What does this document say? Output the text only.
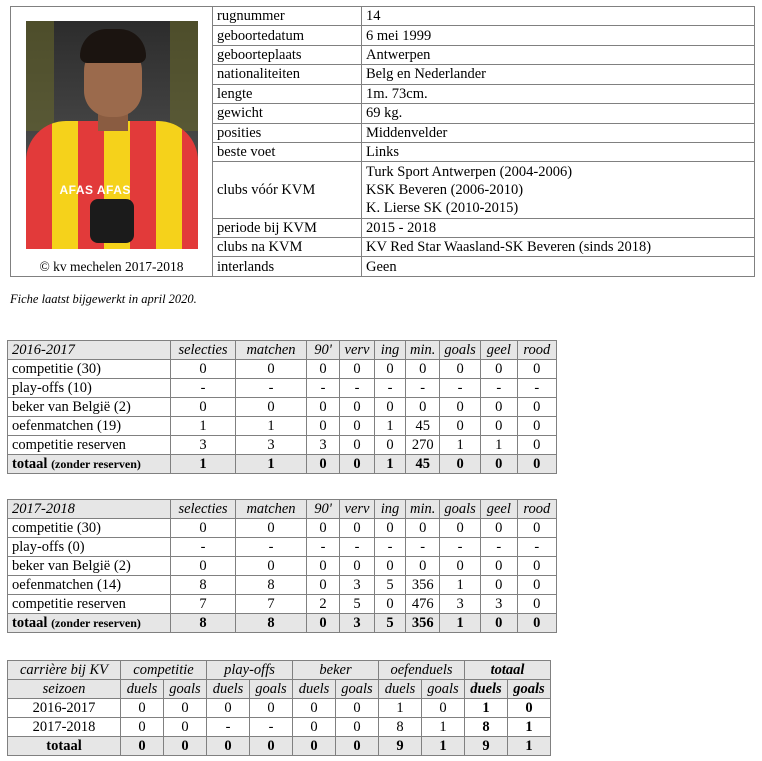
AFAS AFAS
© kv mechelen 2017-2018	rugnummer	14

	geboortedatum	6 mei 1999

	geboorteplaats	Antwerpen

	nationaliteiten	Belg en Nederlander

	lengte	1m. 73cm.

	gewicht	69 kg.

	posities	Middenvelder

	beste voet	Links

	clubs vóór KVM	Turk Sport Antwerpen (2004-2006)
KSK Beveren (2006-2010)
K. Lierse SK (2010-2015)

	periode bij KVM	2015 - 2018

	clubs na KVM	KV Red Star Waasland-SK Beveren (sinds 2018)

	interlands	Geen
Fiche laatst bijgewerkt in april 2020.
2016-2017	selecties	matchen	90'	verv	ing	min.	goals	geel	rood
competitie (30)	0	0	0	0	0	0	0	0	0
play-offs (10)	-	-	-	-	-	-	-	-	-
beker van België (2)	0	0	0	0	0	0	0	0	0
oefenmatchen (19)	1	1	0	0	1	45	0	0	0
competitie reserven	3	3	3	0	0	270	1	1	0
totaal (zonder reserven)	1	1	0	0	1	45	0	0	0
2017-2018	selecties	matchen	90'	verv	ing	min.	goals	geel	rood
competitie (30)	0	0	0	0	0	0	0	0	0
play-offs (0)	-	-	-	-	-	-	-	-	-
beker van België (2)	0	0	0	0	0	0	0	0	0
oefenmatchen (14)	8	8	0	3	5	356	1	0	0
competitie reserven	7	7	2	5	0	476	3	3	0
totaal (zonder reserven)	8	8	0	3	5	356	1	0	0
carrière bij KV	competitie		play-offs		beker		oefenduels		totaal	
seizoen	duels	goals	duels	goals	duels	goals	duels	goals	duels	goals
2016-2017	0	0	0	0	0	0	1	0	1	0
2017-2018	0	0	-	-	0	0	8	1	8	1
totaal	0	0	0	0	0	0	9	1	9	1
